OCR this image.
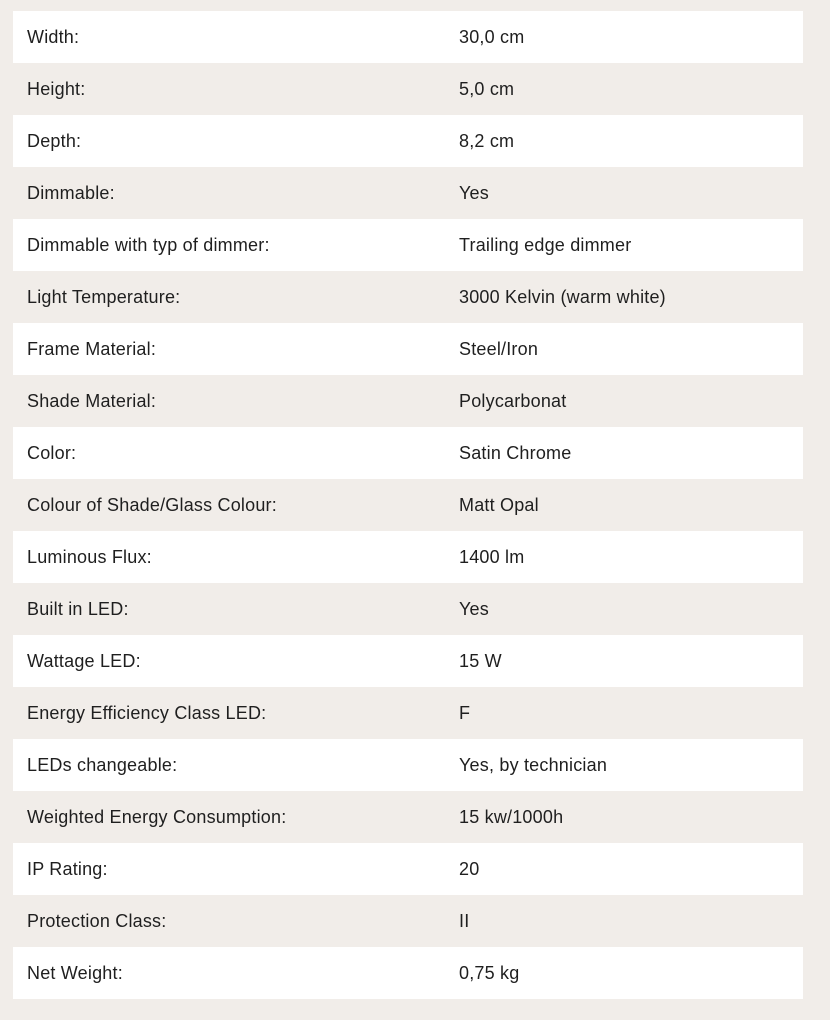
Width:	30,0 cm
Height:	5,0 cm
Depth:	8,2 cm
Dimmable:	Yes
Dimmable with typ of dimmer:	Trailing edge dimmer
Light Temperature:	3000 Kelvin (warm white)
Frame Material:	Steel/Iron
Shade Material:	Polycarbonat
Color:	Satin Chrome
Colour of Shade/Glass Colour:	Matt Opal
Luminous Flux:	1400 lm
Built in LED:	Yes
Wattage LED:	15 W
Energy Efficiency Class LED:	F
LEDs changeable:	Yes, by technician
Weighted Energy Consumption:	15 kw/1000h
IP Rating:	20
Protection Class:	II
Net Weight:	0,75 kg
